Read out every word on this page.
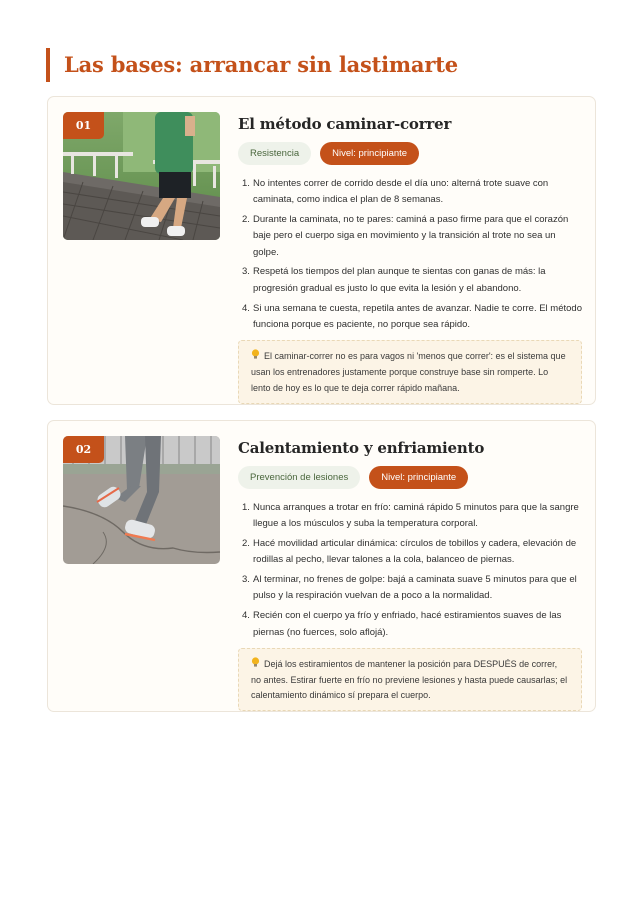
Las bases: arrancar sin lastimarte
01	El método caminar-correr
Resistencia	Nivel: principiante
1. No intentes correr de corrido desde el día uno: alterná trote suave con caminata, como indica el plan de 8 semanas.
2. Durante la caminata, no te pares: caminá a paso firme para que el corazón baje pero el cuerpo siga en movimiento y la transición al trote no sea un golpe.
3. Respetá los tiempos del plan aunque te sientas con ganas de más: la progresión gradual es justo lo que evita la lesión y el abandono.
4. Si una semana te cuesta, repetila antes de avanzar. Nadie te corre. El método funciona porque es paciente, no porque sea rápido.
El caminar-correr no es para vagos ni 'menos que correr': es el sistema que usan los entrenadores justamente porque construye base sin romperte. Lo lento de hoy es lo que te deja correr rápido mañana.
02	Calentamiento y enfriamiento
Prevención de lesiones	Nivel: principiante
1. Nunca arranques a trotar en frío: caminá rápido 5 minutos para que la sangre llegue a los músculos y suba la temperatura corporal.
2. Hacé movilidad articular dinámica: círculos de tobillos y cadera, elevación de rodillas al pecho, llevar talones a la cola, balanceo de piernas.
3. Al terminar, no frenes de golpe: bajá a caminata suave 5 minutos para que el pulso y la respiración vuelvan de a poco a la normalidad.
4. Recién con el cuerpo ya frío y enfriado, hacé estiramientos suaves de las piernas (no fuerces, solo aflojá).
Dejá los estiramientos de mantener la posición para DESPUÉS de correr, no antes. Estirar fuerte en frío no previene lesiones y hasta puede causarlas; el calentamiento dinámico sí prepara el cuerpo.
